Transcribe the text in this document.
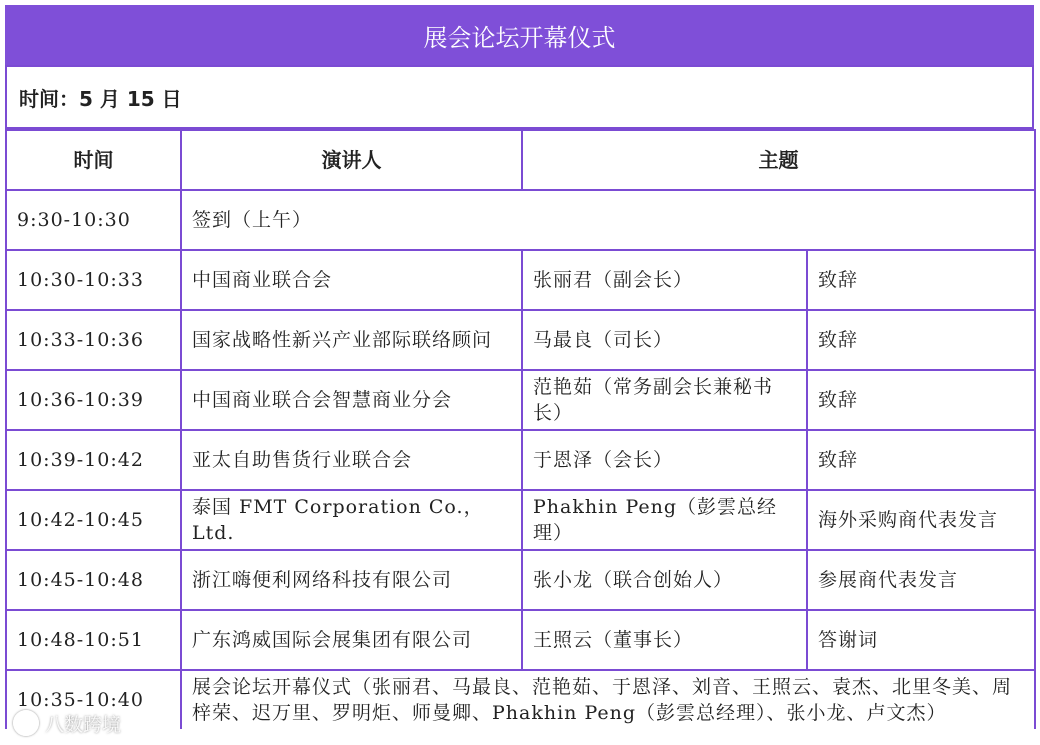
展会论坛开幕仪式
时间：5 月 15 日
时间	演讲人	主题	
9:30-10:30	签到（上午）		
10:30-10:33	中国商业联合会	张丽君（副会长）	致辞
10:33-10:36	国家战略性新兴产业部际联络顾问	马最良（司长）	致辞
10:36-10:39	中国商业联合会智慧商业分会	范艳茹（常务副会长兼秘书长）	致辞
10:39-10:42	亚太自助售货行业联合会	于恩泽（会长）	致辞
10:42-10:45	泰国 FMT Corporation Co.，Ltd.	Phakhin Peng（彭雲总经理）	海外采购商代表发言
10:45-10:48	浙江嗨便利网络科技有限公司	张小龙（联合创始人）	参展商代表发言
10:48-10:51	广东鸿威国际会展集团有限公司	王照云（董事长）	答谢词
10:35-10:40	展会论坛开幕仪式（张丽君、马最良、范艳茹、于恩泽、刘音、王照云、袁杰、北里冬美、周梓荣、迟万里、罗明炬、师曼卿、Phakhin Peng（彭雲总经理）、张小龙、卢文杰）		
八数跨境
